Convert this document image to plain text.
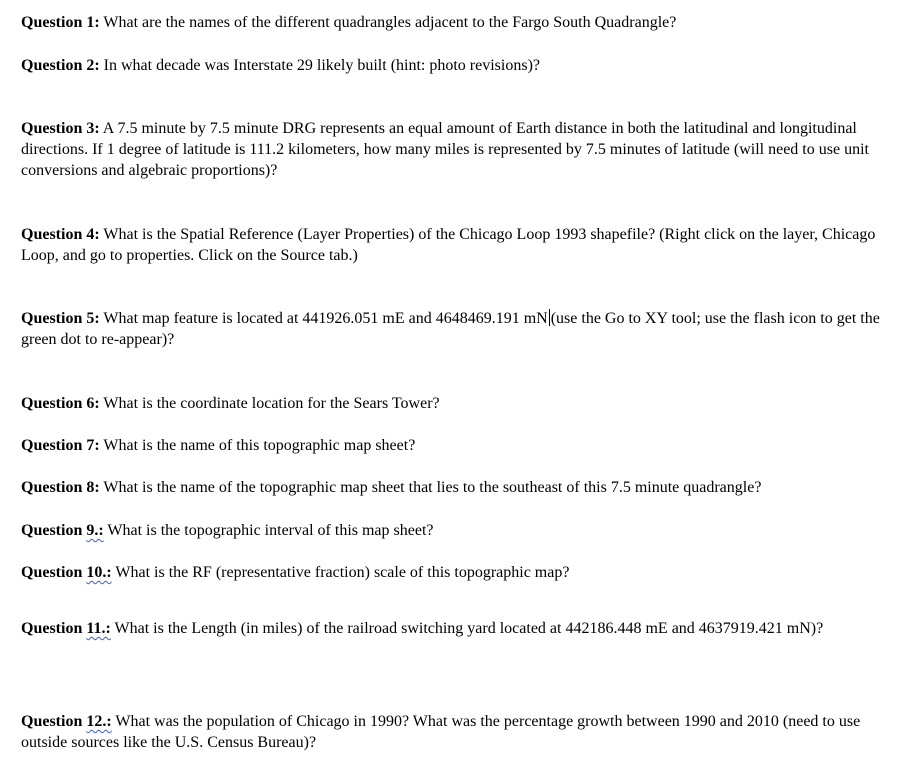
Question 1: What are the names of the different quadrangles adjacent to the Fargo South Quadrangle?

Question 2: In what decade was Interstate 29 likely built (hint: photo revisions)?

Question 3: A 7.5 minute by 7.5 minute DRG represents an equal amount of Earth distance in both the latitudinal and longitudinal directions. If 1 degree of latitude is 111.2 kilometers, how many miles is represented by 7.5 minutes of latitude (will need to use unit conversions and algebraic proportions)?

Question 4: What is the Spatial Reference (Layer Properties) of the Chicago Loop 1993 shapefile? (Right click on the layer, Chicago Loop, and go to properties. Click on the Source tab.)

Question 5: What map feature is located at 441926.051 mE and 4648469.191 mN (use the Go to XY tool; use the flash icon to get the green dot to re-appear)?

Question 6: What is the coordinate location for the Sears Tower?

Question 7: What is the name of this topographic map sheet?

Question 8: What is the name of the topographic map sheet that lies to the southeast of this 7.5 minute quadrangle?

Question 9.: What is the topographic interval of this map sheet?

Question 10.: What is the RF (representative fraction) scale of this topographic map?

Question 11.: What is the Length (in miles) of the railroad switching yard located at 442186.448 mE and 4637919.421 mN)?

Question 12.: What was the population of Chicago in 1990? What was the percentage growth between 1990 and 2010 (need to use outside sources like the U.S. Census Bureau)?
